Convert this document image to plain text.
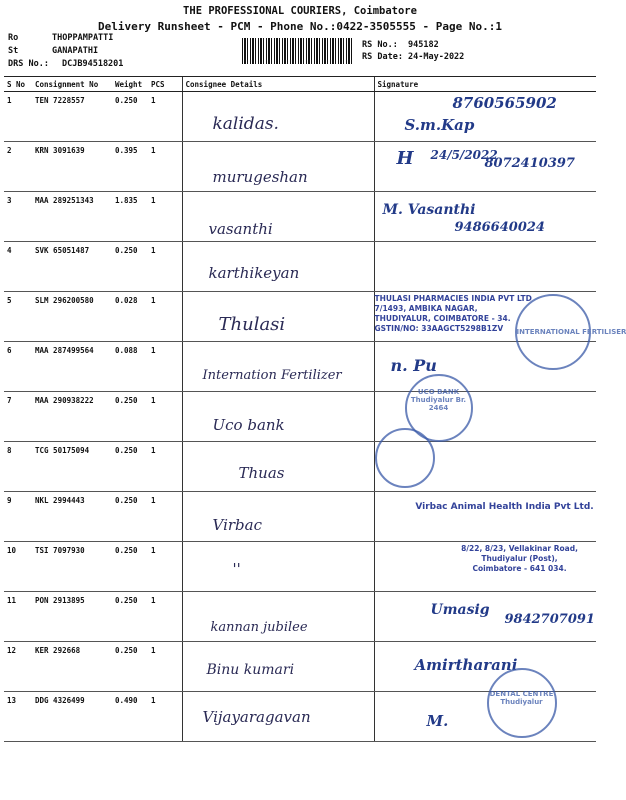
THE PROFESSIONAL COURIERS, Coimbatore
Delivery Runsheet - PCM - Phone No.:0422-3505555 - Page No.:1
Ro	THOPPAMPATTI
St	GANAPATHI
DRS No.: DCJB94518201
RS No.: 945182
RS Date: 24-May-2022
S No	Consignment No	Weight	PCS	Consignee Details	Signature
1	TEN 7228557	0.250	1	kalidas.	8760565902
S.m.Kap

2	KRN 3091639	0.395	1	murugeshan	H 24/5/2022
8072410397

3	MAA 289251343	1.835	1	vasanthi	M. Vasanthi
9486640024

4	SVK 65051487	0.250	1	karthikeyan	

5	SLM 296200580	0.028	1	Thulasi	THULASI PHARMACIES INDIA PVT LTD
7/1493, AMBIKA NAGAR,
THUDIYALUR, COIMBATORE - 34.
GSTIN/NO: 33AAGCT5298B1ZV INTERNATIONAL FERTILISER

6	MAA 287499564	0.088	1	Internation Fertilizer	n. Pu

7	MAA 290938222	0.250	1	Uco bank	UCO BANK
Thudiyalur Br.
2464

8	TCG 50175094	0.250	1	Thuas	

9	NKL 2994443	0.250	1	Virbac	Virbac Animal Health India Pvt Ltd.

10	TSI 7097930	0.250	1	''	8/22, 8/23, Vellakinar Road,
Thudiyalur (Post),
Coimbatore - 641 034.

11	PON 2913895	0.250	1	kannan jubilee	Umasig
9842707091

12	KER 292668	0.250	1	Binu kumari	Amirtharani

13	DDG 4326499	0.490	1	Vijayaragavan	M.
DENTAL CENTRE
Thudiyalur
